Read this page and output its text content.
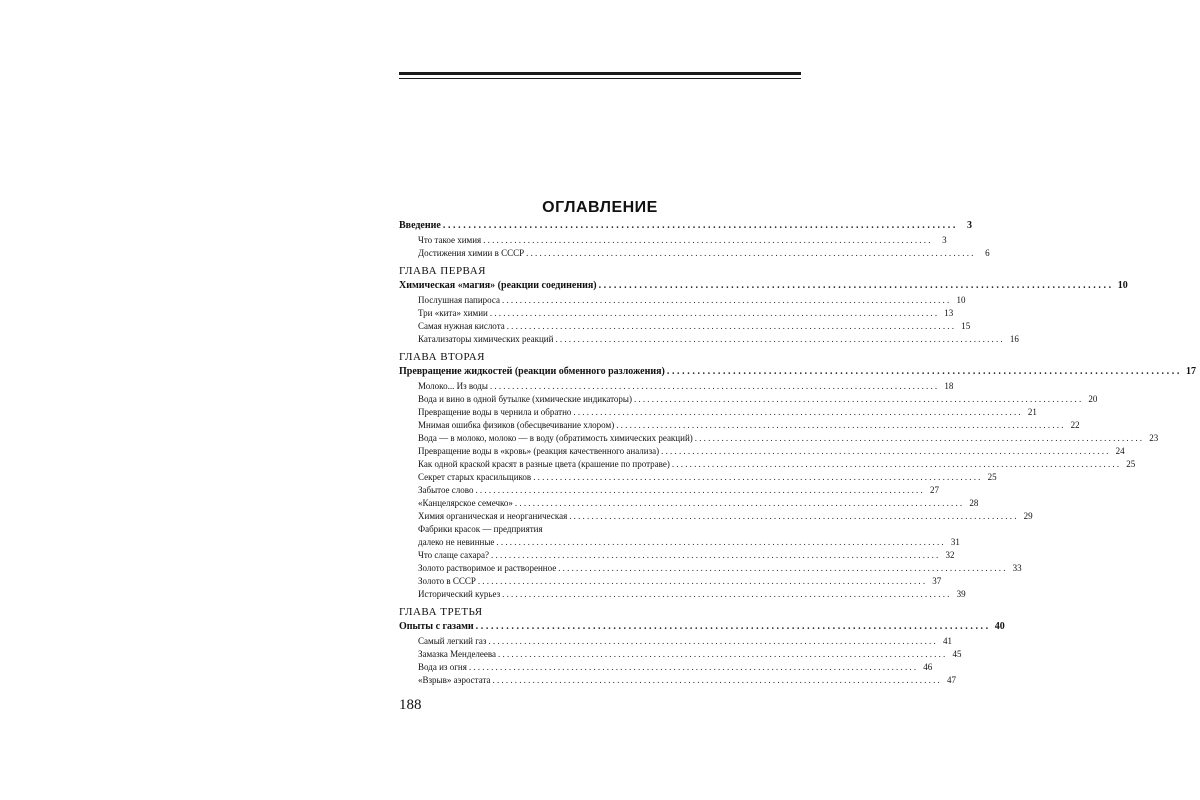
ОГЛАВЛЕНИЕ
Введение ..................................................................................................... 3
Что такое химия .....................................................................................................	3
Достижения химии в СССР .....................................................................................................	6
ГЛАВА ПЕРВАЯ
Химическая «магия» (реакции соединения) ..................................................................................................... 10
Послушная папироса ..................................................................................................... 10
Три «кита» химии ..................................................................................................... 13
Самая нужная кислота ..................................................................................................... 15
Катализаторы химических реакций ..................................................................................................... 16
ГЛАВА ВТОРАЯ
Превращение жидкостей (реакции обменного разложения) ..................................................................................................... 17
Молоко... Из воды ..................................................................................................... 18
Вода и вино в одной бутылке (химические индикаторы) ..................................................................................................... 20
Превращение воды в чернила и обратно ..................................................................................................... 21
Мнимая ошибка физиков (обесцвечивание хлором) ..................................................................................................... 22
Вода — в молоко, молоко — в воду (обратимость химических реакций) ..................................................................................................... 23
Превращение воды в «кровь» (реакция качественного анализа) ..................................................................................................... 24
Как одной краской красят в разные цвета (крашение по протраве) ..................................................................................................... 25
Секрет старых красильщиков ..................................................................................................... 25
Забытое слово ..................................................................................................... 27
«Канцелярское семечко» ..................................................................................................... 28
Химия органическая и неорганическая ..................................................................................................... 29
Фабрики красок — предприятия
далеко не невинные ..................................................................................................... 31
Что слаще сахара? ..................................................................................................... 32
Золото растворимое и растворенное ..................................................................................................... 33
Золото в СССР ..................................................................................................... 37
Исторический курьез ..................................................................................................... 39
ГЛАВА ТРЕТЬЯ
Опыты с газами ..................................................................................................... 40
Самый легкий газ ..................................................................................................... 41
Замазка Менделеева ..................................................................................................... 45
Вода из огня ..................................................................................................... 46
«Взрыв» аэростата ..................................................................................................... 47
188
